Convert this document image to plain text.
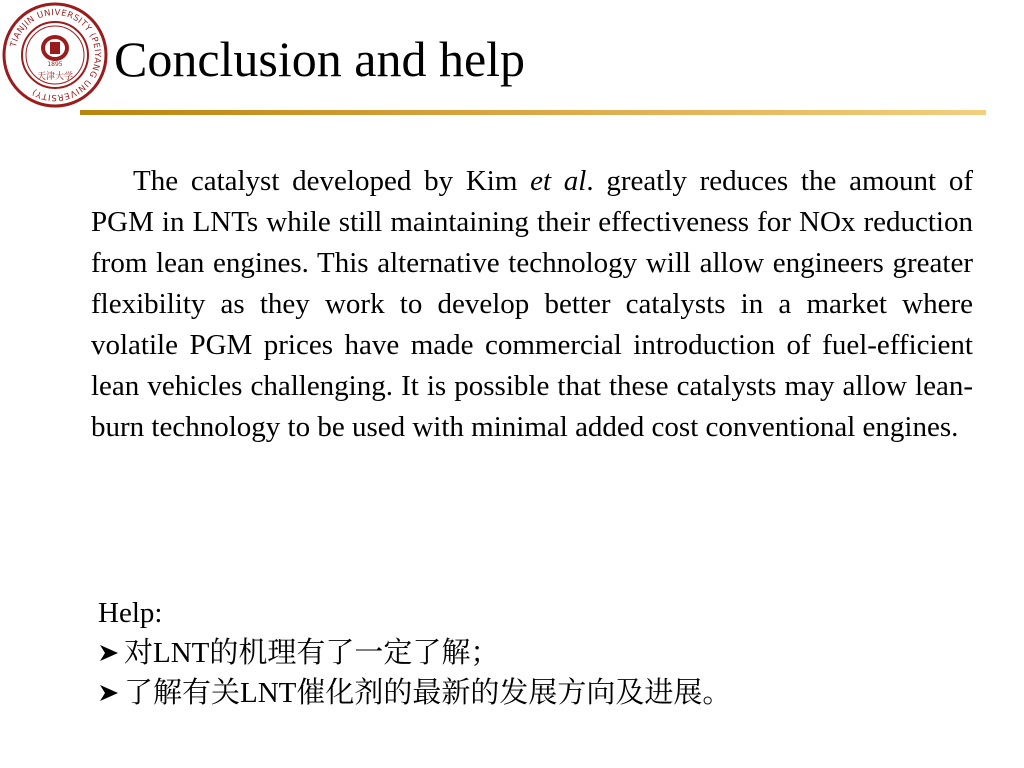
TIANJIN UNIVERSITY (PEIYANG UNIVERSITY)
1895
天津大学 Conclusion and help

The catalyst developed by Kim et al. greatly reduces the amount of PGM in LNTs while still maintaining their effectiveness for NOx reduction from lean engines. This alternative technology will allow engineers greater flexibility as they work to develop better catalysts in a market where volatile PGM prices have made commercial introduction of fuel-efficient lean vehicles challenging. It is possible that these catalysts may allow lean-burn technology to be used with minimal added cost conventional engines.

Help:
对LNT的机理有了一定了解；
了解有关LNT催化剂的最新的发展方向及进展。
